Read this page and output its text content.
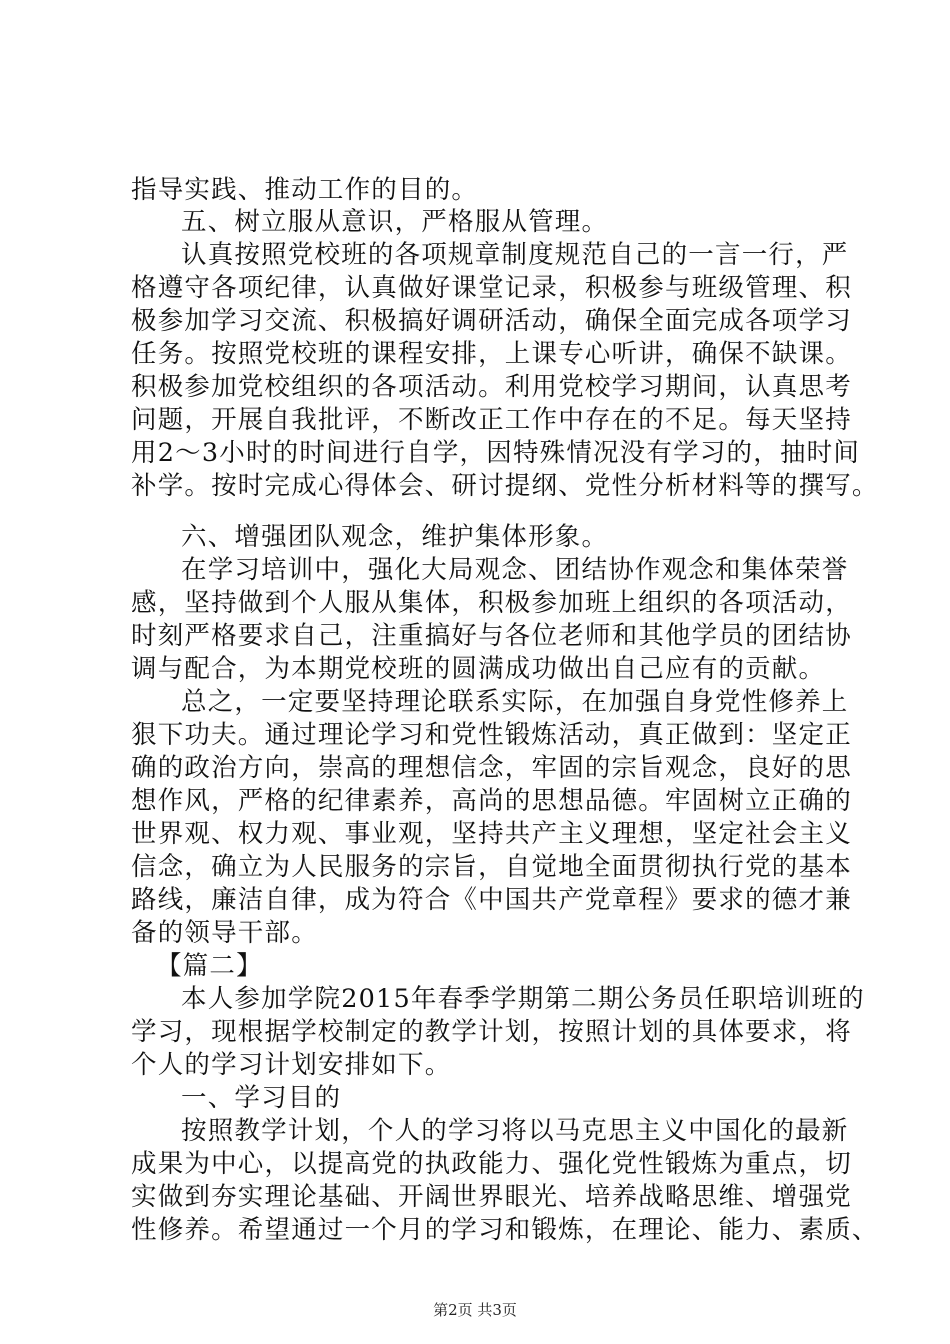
指导实践、推动工作的目的。
五、树立服从意识，严格服从管理。
认真按照党校班的各项规章制度规范自己的一言一行，严
格遵守各项纪律，认真做好课堂记录，积极参与班级管理、积
极参加学习交流、积极搞好调研活动，确保全面完成各项学习
任务。按照党校班的课程安排，上课专心听讲，确保不缺课。
积极参加党校组织的各项活动。利用党校学习期间，认真思考
问题，开展自我批评，不断改正工作中存在的不足。每天坚持
用2～3小时的时间进行自学，因特殊情况没有学习的，抽时间
补学。按时完成心得体会、研讨提纲、党性分析材料等的撰写。
六、增强团队观念，维护集体形象。
在学习培训中，强化大局观念、团结协作观念和集体荣誉
感，坚持做到个人服从集体，积极参加班上组织的各项活动，
时刻严格要求自己，注重搞好与各位老师和其他学员的团结协
调与配合，为本期党校班的圆满成功做出自己应有的贡献。
总之，一定要坚持理论联系实际，在加强自身党性修养上
狠下功夫。通过理论学习和党性锻炼活动，真正做到：坚定正
确的政治方向，崇高的理想信念，牢固的宗旨观念，良好的思
想作风，严格的纪律素养，高尚的思想品德。牢固树立正确的
世界观、权力观、事业观，坚持共产主义理想，坚定社会主义
信念，确立为人民服务的宗旨，自觉地全面贯彻执行党的基本
路线，廉洁自律，成为符合《中国共产党章程》要求的德才兼
备的领导干部。
【篇二】
本人参加学院2015年春季学期第二期公务员任职培训班的
学习，现根据学校制定的教学计划，按照计划的具体要求，将
个人的学习计划安排如下。
一、学习目的
按照教学计划，个人的学习将以马克思主义中国化的最新
成果为中心，以提高党的执政能力、强化党性锻炼为重点，切
实做到夯实理论基础、开阔世界眼光、培养战略思维、增强党
性修养。希望通过一个月的学习和锻炼，在理论、能力、素质、
第2页 共3页
